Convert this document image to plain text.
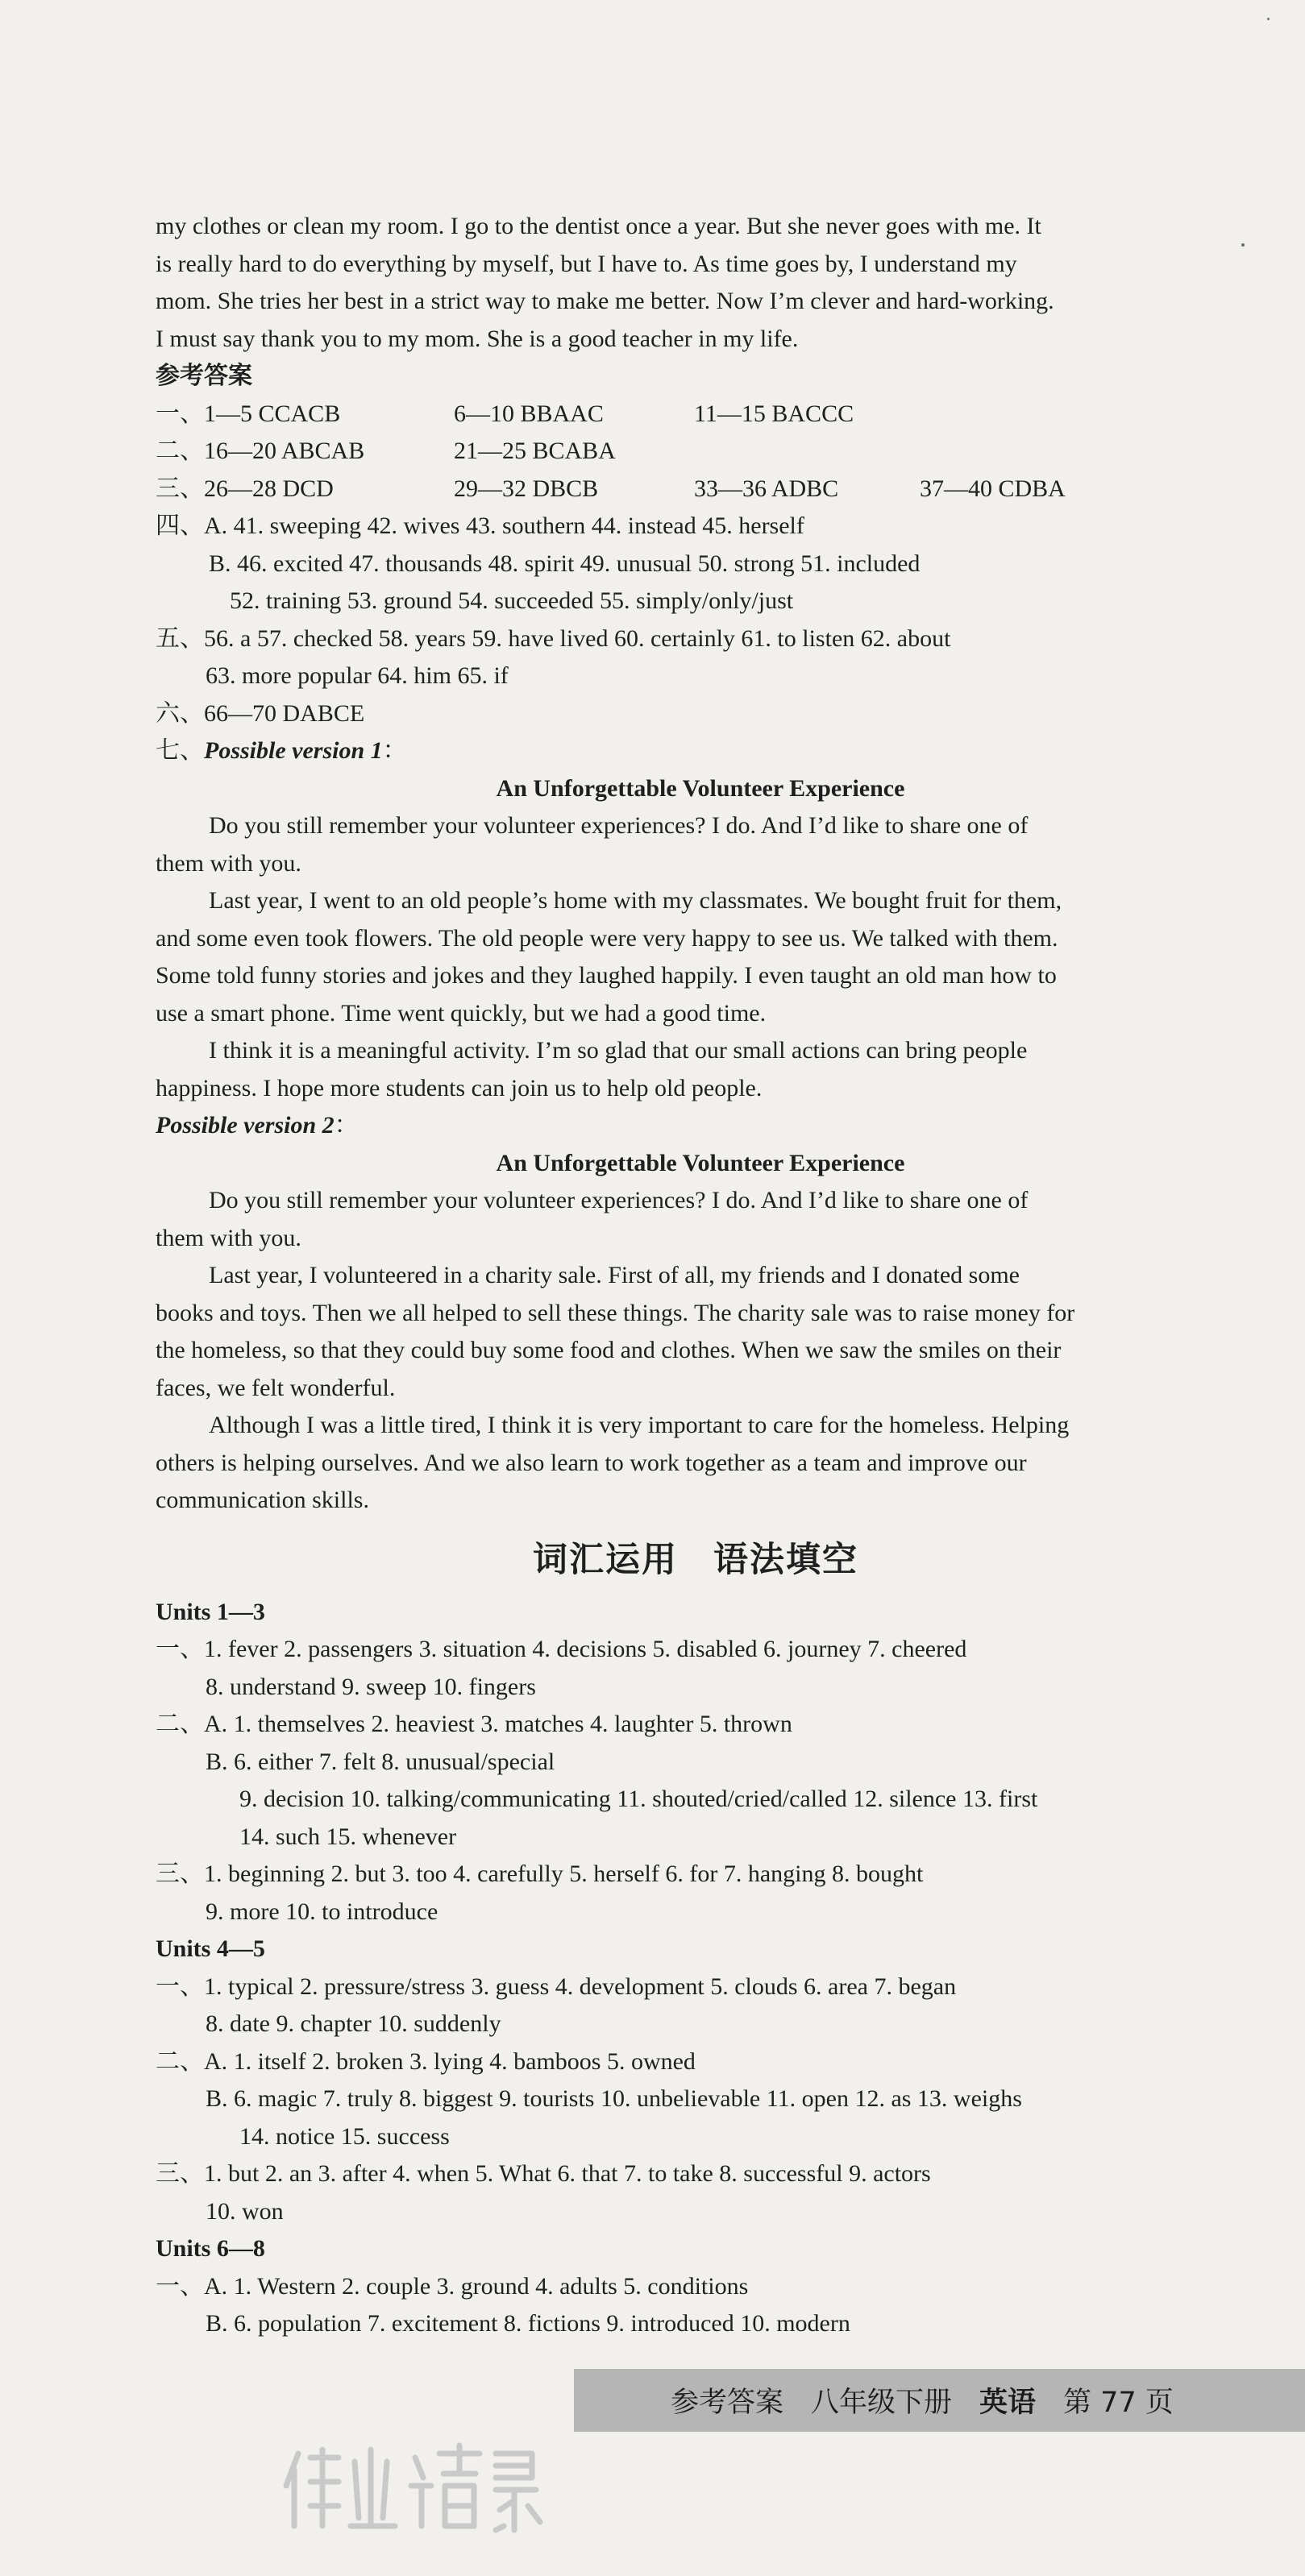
my clothes or clean my room. I go to the dentist once a year. But she never goes with me. It
is really hard to do everything by myself, but I have to. As time goes by, I understand my
mom. She tries her best in a strict way to make me better. Now I’m clever and hard-working.
I must say thank you to my mom. She is a good teacher in my life.
参考答案
一、1—5 CCACB	6—10 BBAAC	11—15 BACCC
二、16—20 ABCAB	21—25 BCABA
三、26—28 DCD	29—32 DBCB	33—36 ADBC	37—40 CDBA
四、A. 41. sweeping 42. wives 43. southern 44. instead 45. herself
B. 46. excited 47. thousands 48. spirit 49. unusual 50. strong 51. included
52. training 53. ground 54. succeeded 55. simply/only/just
五、56. a 57. checked 58. years 59. have lived 60. certainly 61. to listen 62. about
63. more popular 64. him 65. if
六、66—70 DABCE
七、Possible version 1：
An Unforgettable Volunteer Experience
Do you still remember your volunteer experiences? I do. And I’d like to share one of
them with you.
Last year, I went to an old people’s home with my classmates. We bought fruit for them,
and some even took flowers. The old people were very happy to see us. We talked with them.
Some told funny stories and jokes and they laughed happily. I even taught an old man how to
use a smart phone. Time went quickly, but we had a good time.
I think it is a meaningful activity. I’m so glad that our small actions can bring people
happiness. I hope more students can join us to help old people.
Possible version 2：
An Unforgettable Volunteer Experience
Do you still remember your volunteer experiences? I do. And I’d like to share one of
them with you.
Last year, I volunteered in a charity sale. First of all, my friends and I donated some
books and toys. Then we all helped to sell these things. The charity sale was to raise money for
the homeless, so that they could buy some food and clothes. When we saw the smiles on their
faces, we felt wonderful.
Although I was a little tired, I think it is very important to care for the homeless. Helping
others is helping ourselves. And we also learn to work together as a team and improve our
communication skills.
词汇运用 语法填空
Units 1—3
一、1. fever 2. passengers 3. situation 4. decisions 5. disabled 6. journey 7. cheered
8. understand 9. sweep 10. fingers
二、A. 1. themselves 2. heaviest 3. matches 4. laughter 5. thrown
B. 6. either 7. felt 8. unusual/special
9. decision 10. talking/communicating 11. shouted/cried/called 12. silence 13. first
14. such 15. whenever
三、1. beginning 2. but 3. too 4. carefully 5. herself 6. for 7. hanging 8. bought
9. more 10. to introduce
Units 4—5
一、1. typical 2. pressure/stress 3. guess 4. development 5. clouds 6. area 7. began
8. date 9. chapter 10. suddenly
二、A. 1. itself 2. broken 3. lying 4. bamboos 5. owned
B. 6. magic 7. truly 8. biggest 9. tourists 10. unbelievable 11. open 12. as 13. weighs
14. notice 15. success
三、1. but 2. an 3. after 4. when 5. What 6. that 7. to take 8. successful 9. actors
10. won
Units 6—8
一、A. 1. Western 2. couple 3. ground 4. adults 5. conditions
B. 6. population 7. excitement 8. fictions 9. introduced 10. modern
参考答案 八年级下册 英语 第 77 页
